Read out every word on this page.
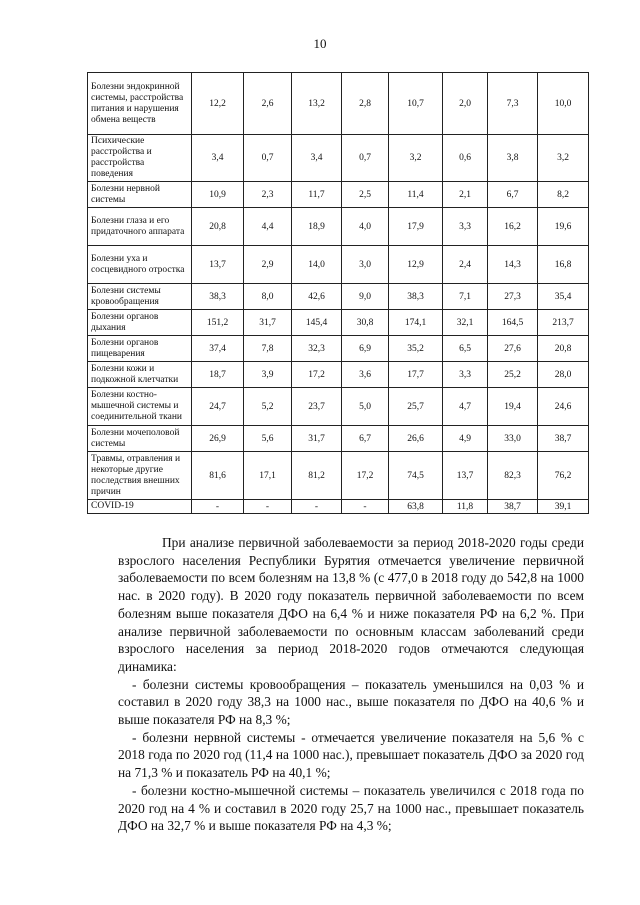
10
Болезни эндокринной системы, расстройства питания и нарушения обмена веществ	12,2	2,6	13,2	2,8	10,7	2,0	7,3	10,0
Психические расстройства и расстройства поведения	3,4	0,7	3,4	0,7	3,2	0,6	3,8	3,2
Болезни нервной системы	10,9	2,3	11,7	2,5	11,4	2,1	6,7	8,2
Болезни глаза и его придаточного аппарата	20,8	4,4	18,9	4,0	17,9	3,3	16,2	19,6
Болезни уха и сосцевидного отростка	13,7	2,9	14,0	3,0	12,9	2,4	14,3	16,8
Болезни системы кровообращения	38,3	8,0	42,6	9,0	38,3	7,1	27,3	35,4
Болезни органов дыхания	151,2	31,7	145,4	30,8	174,1	32,1	164,5	213,7
Болезни органов пищеварения	37,4	7,8	32,3	6,9	35,2	6,5	27,6	20,8
Болезни кожи и подкожной клетчатки	18,7	3,9	17,2	3,6	17,7	3,3	25,2	28,0
Болезни костно-мышечной системы и соединительной ткани	24,7	5,2	23,7	5,0	25,7	4,7	19,4	24,6
Болезни мочеполовой системы	26,9	5,6	31,7	6,7	26,6	4,9	33,0	38,7
Травмы, отравления и некоторые другие последствия внешних причин	81,6	17,1	81,2	17,2	74,5	13,7	82,3	76,2
COVID-19	-	-	-	-	63,8	11,8	38,7	39,1

При анализе первичной заболеваемости за период 2018-2020 годы среди взрослого населения Республики Бурятия отмечается увеличение первичной заболеваемости по всем болезням на 13,8 % (с 477,0 в 2018 году до 542,8 на 1000 нас. в 2020 году). В 2020 году показатель первичной заболеваемости по всем болезням выше показателя ДФО на 6,4 % и ниже показателя РФ на 6,2 %. При анализе первичной заболеваемости по основным классам заболеваний среди взрослого населения за период 2018-2020 годов отмечаются следующая динамика:

- болезни системы кровообращения – показатель уменьшился на 0,03 % и составил в 2020 году 38,3 на 1000 нас., выше показателя по ДФО на 40,6 % и выше показателя РФ на 8,3 %;

- болезни нервной системы - отмечается увеличение показателя на 5,6 % с 2018 года по 2020 год (11,4 на 1000 нас.), превышает показатель ДФО за 2020 год на 71,3 % и показатель РФ на 40,1 %;

- болезни костно-мышечной системы – показатель увеличился с 2018 года по 2020 год на 4 % и составил в 2020 году 25,7 на 1000 нас., превышает показатель ДФО на 32,7 % и выше показателя РФ на 4,3 %;
